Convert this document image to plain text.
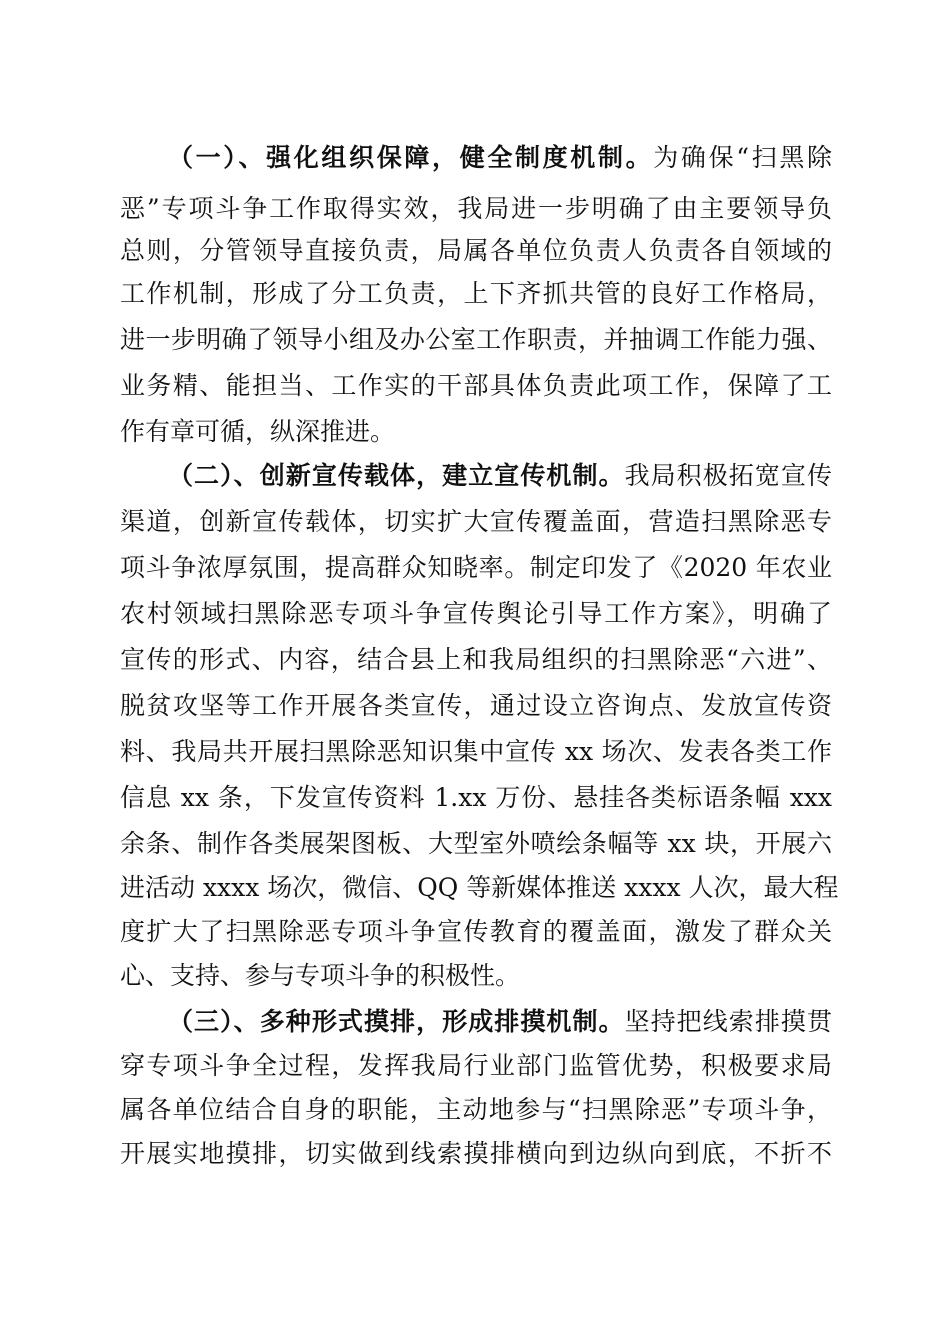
（一）、强化组织保障，健全制度机制。为确保“扫黑除
恶”专项斗争工作取得实效，我局进一步明确了由主要领导负
总则，分管领导直接负责，局属各单位负责人负责各自领域的
工作机制，形成了分工负责，上下齐抓共管的良好工作格局，
进一步明确了领导小组及办公室工作职责，并抽调工作能力强、
业务精、能担当、工作实的干部具体负责此项工作，保障了工
作有章可循，纵深推进。
（二）、创新宣传载体，建立宣传机制。我局积极拓宽宣传
渠道，创新宣传载体，切实扩大宣传覆盖面，营造扫黑除恶专
项斗争浓厚氛围，提高群众知晓率。制定印发了《2020 年农业
农村领域扫黑除恶专项斗争宣传舆论引导工作方案》，明确了
宣传的形式、内容，结合县上和我局组织的扫黑除恶“六进”、
脱贫攻坚等工作开展各类宣传，通过设立咨询点、发放宣传资
料、我局共开展扫黑除恶知识集中宣传 xx 场次、发表各类工作
信息 xx 条，下发宣传资料 1.xx 万份、悬挂各类标语条幅 xxx
余条、制作各类展架图板、大型室外喷绘条幅等 xx 块，开展六
进活动 xxxx 场次，微信、QQ 等新媒体推送 xxxx 人次，最大程
度扩大了扫黑除恶专项斗争宣传教育的覆盖面，激发了群众关
心、支持、参与专项斗争的积极性。
（三）、多种形式摸排，形成排摸机制。坚持把线索排摸贯
穿专项斗争全过程，发挥我局行业部门监管优势，积极要求局
属各单位结合自身的职能，主动地参与“扫黑除恶”专项斗争，
开展实地摸排，切实做到线索摸排横向到边纵向到底，不折不
